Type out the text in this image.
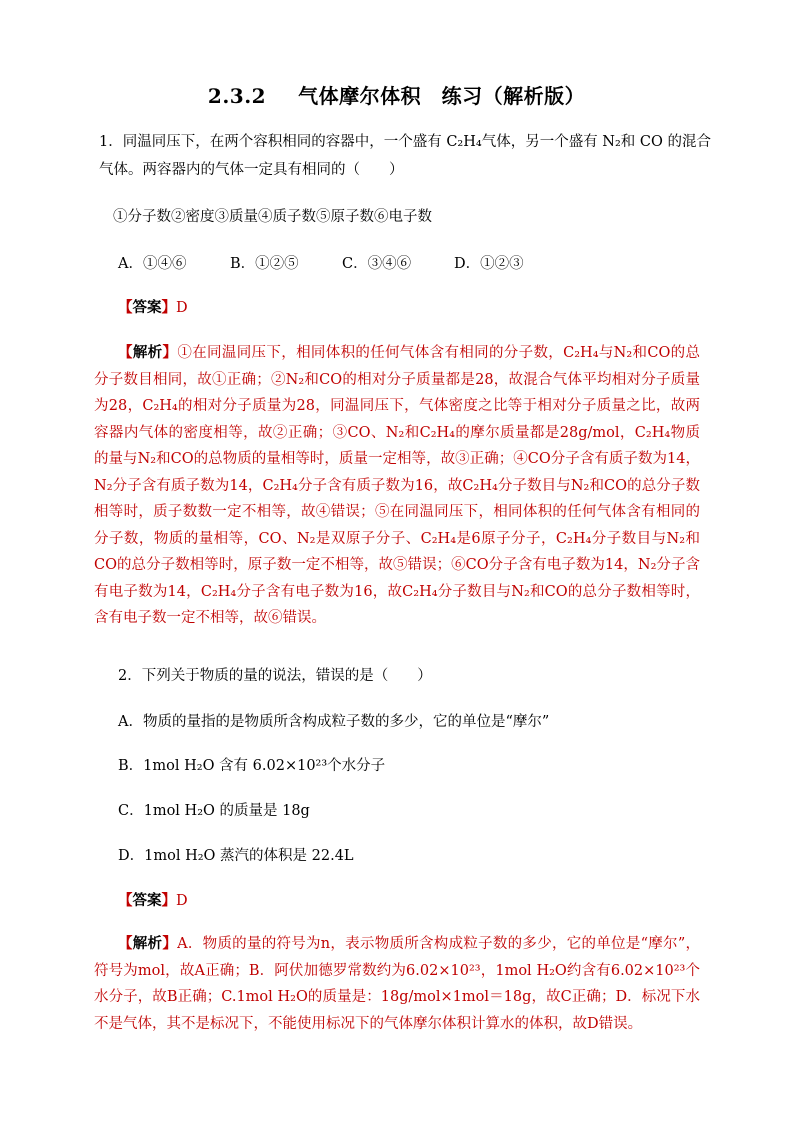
2.3.2 气体摩尔体积　练习（解析版）
1．同温同压下，在两个容积相同的容器中，一个盛有 C₂H₄气体，另一个盛有 N₂和 CO 的混合
气体。两容器内的气体一定具有相同的（　　）
①分子数②密度③质量④质子数⑤原子数⑥电子数
A．①④⑥	B．①②⑤	C．③④⑥	D．①②③
【答案】D
【解析】①在同温同压下，相同体积的任何气体含有相同的分子数，C₂H₄与N₂和CO的总分子数目相同，故①正确；②N₂和CO的相对分子质量都是28，故混合气体平均相对分子质量为28，C₂H₄的相对分子质量为28，同温同压下，气体密度之比等于相对分子质量之比，故两容器内气体的密度相等，故②正确；③CO、N₂和C₂H₄的摩尔质量都是28g/mol，C₂H₄物质的量与N₂和CO的总物质的量相等时，质量一定相等，故③正确；④CO分子含有质子数为14，N₂分子含有质子数为14，C₂H₄分子含有质子数为16，故C₂H₄分子数目与N₂和CO的总分子数相等时，质子数数一定不相等，故④错误；⑤在同温同压下，相同体积的任何气体含有相同的分子数，物质的量相等，CO、N₂是双原子分子、C₂H₄是6原子分子，C₂H₄分子数目与N₂和CO的总分子数相等时，原子数一定不相等，故⑤错误；⑥CO分子含有电子数为14，N₂分子含有电子数为14，C₂H₄分子含有电子数为16，故C₂H₄分子数目与N₂和CO的总分子数相等时，含有电子数一定不相等，故⑥错误。
2．下列关于物质的量的说法，错误的是（　　）
A．物质的量指的是物质所含构成粒子数的多少，它的单位是“摩尔”
B．1mol H₂O 含有 6.02×10²³个水分子
C．1mol H₂O 的质量是 18g
D．1mol H₂O 蒸汽的体积是 22.4L
【答案】D
【解析】A．物质的量的符号为n，表示物质所含构成粒子数的多少，它的单位是“摩尔”，符号为mol，故A正确；B．阿伏加德罗常数约为6.02×10²³，1mol H₂O约含有6.02×10²³个水分子，故B正确；C.1mol H₂O的质量是：18g/mol×1mol＝18g，故C正确；D．标况下水不是气体，其不是标况下，不能使用标况下的气体摩尔体积计算水的体积，故D错误。
